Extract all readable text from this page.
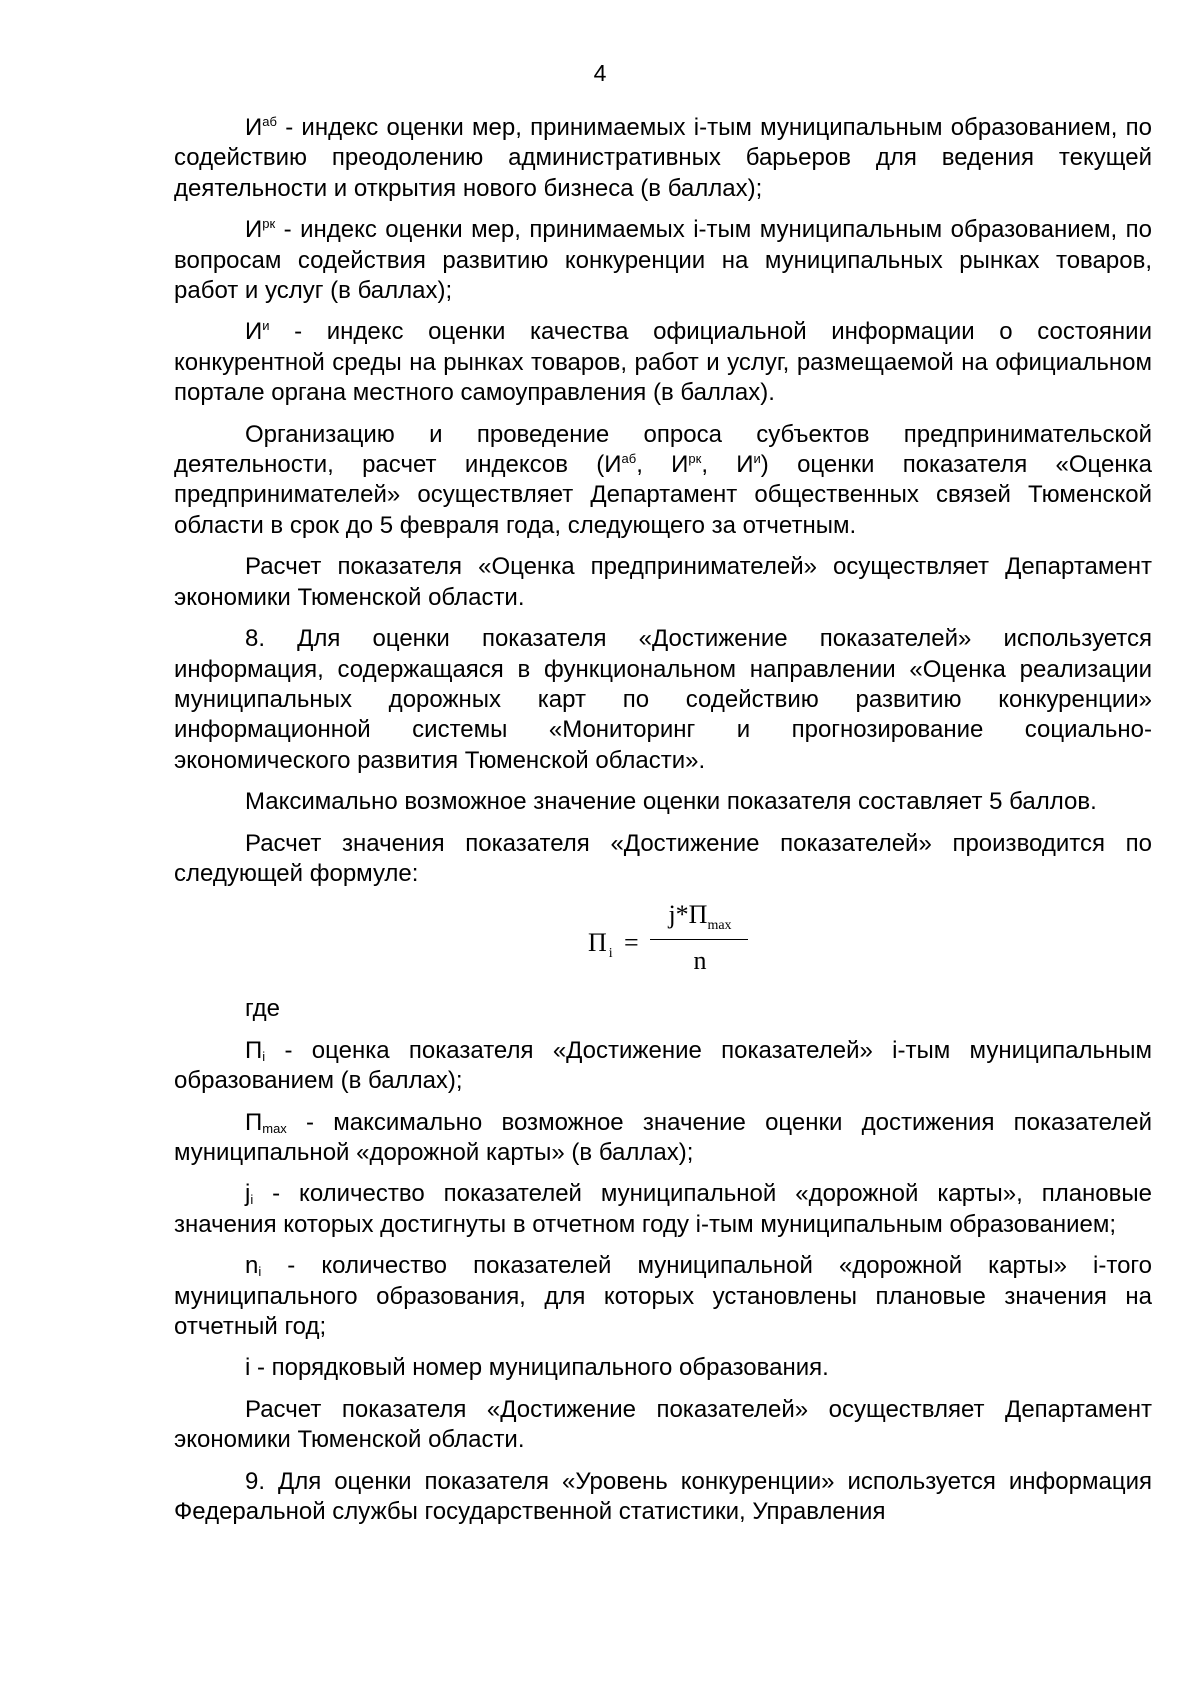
4

$И^{аб}$ - индекс оценки мер, принимаемых i-тым муниципальным образованием, по содействию преодолению административных барьеров для ведения текущей деятельности и открытия нового бизнеса (в баллах);

$И^{рк}$ - индекс оценки мер, принимаемых i-тым муниципальным образованием, по вопросам содействия развитию конкуренции на муниципальных рынках товаров, работ и услуг (в баллах);

$И^и$ - индекс оценки качества официальной информации о состоянии конкурентной среды на рынках товаров, работ и услуг, размещаемой на официальном портале органа местного самоуправления (в баллах).

Организацию и проведение опроса субъектов предпринимательской деятельности, расчет индексов ($И^{аб}$, $И^{рк}$, $И^и$) оценки показателя «Оценка предпринимателей» осуществляет Департамент общественных связей Тюменской области в срок до 5 февраля года, следующего за отчетным.

Расчет показателя «Оценка предпринимателей» осуществляет Департамент экономики Тюменской области.

8. Для оценки показателя «Достижение показателей» используется информация, содержащаяся в функциональном направлении «Оценка реализации муниципальных дорожных карт по содействию развитию конкуренции» информационной системы «Мониторинг и прогнозирование социально-экономического развития Тюменской области».

Максимально возможное значение оценки показателя составляет 5 баллов.

Расчет значения показателя «Достижение показателей» производится по следующей формуле:

П $_i$ =
$j*П_{max}$
n

где

$П_i$ - оценка показателя «Достижение показателей» i-тым муниципальным образованием (в баллах);

$П_{max}$ - максимально возможное значение оценки достижения показателей муниципальной «дорожной карты» (в баллах);

$j_i$ - количество показателей муниципальной «дорожной карты», плановые значения которых достигнуты в отчетном году i-тым муниципальным образованием;

$n_i$ - количество показателей муниципальной «дорожной карты» i-того муниципального образования, для которых установлены плановые значения на отчетный год;

i - порядковый номер муниципального образования.

Расчет показателя «Достижение показателей» осуществляет Департамент экономики Тюменской области.

9. Для оценки показателя «Уровень конкуренции» используется информация Федеральной службы государственной статистики, Управления
